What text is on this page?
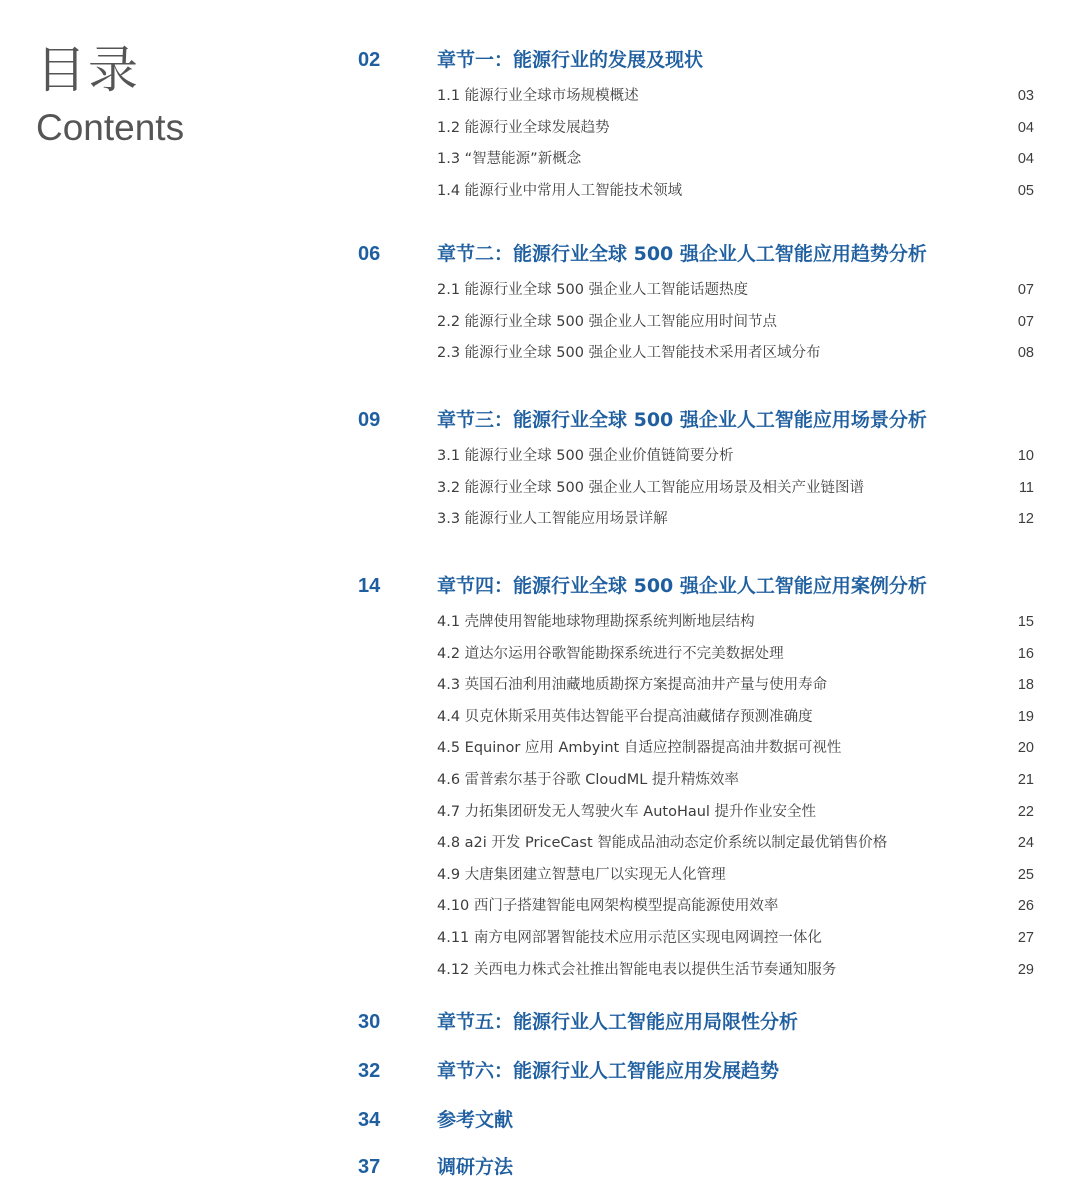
目录
Contents
02	章节一：能源行业的发展及现状
1.1 能源行业全球市场规模概述	03
1.2 能源行业全球发展趋势	04
1.3 “智慧能源”新概念	04
1.4 能源行业中常用人工智能技术领域	05
06	章节二：能源行业全球 500 强企业人工智能应用趋势分析
2.1 能源行业全球 500 强企业人工智能话题热度	07
2.2 能源行业全球 500 强企业人工智能应用时间节点	07
2.3 能源行业全球 500 强企业人工智能技术采用者区域分布	08
09	章节三：能源行业全球 500 强企业人工智能应用场景分析
3.1 能源行业全球 500 强企业价值链简要分析	10
3.2 能源行业全球 500 强企业人工智能应用场景及相关产业链图谱	11
3.3 能源行业人工智能应用场景详解	12
14	章节四：能源行业全球 500 强企业人工智能应用案例分析
4.1 壳牌使用智能地球物理勘探系统判断地层结构	15
4.2 道达尔运用谷歌智能勘探系统进行不完美数据处理	16
4.3 英国石油利用油藏地质勘探方案提高油井产量与使用寿命	18
4.4 贝克休斯采用英伟达智能平台提高油藏储存预测准确度	19
4.5 Equinor 应用 Ambyint 自适应控制器提高油井数据可视性	20
4.6 雷普索尔基于谷歌 CloudML 提升精炼效率	21
4.7 力拓集团研发无人驾驶火车 AutoHaul 提升作业安全性	22
4.8 a2i 开发 PriceCast 智能成品油动态定价系统以制定最优销售价格	24
4.9 大唐集团建立智慧电厂以实现无人化管理	25
4.10 西门子搭建智能电网架构模型提高能源使用效率	26
4.11 南方电网部署智能技术应用示范区实现电网调控一体化	27
4.12 关西电力株式会社推出智能电表以提供生活节奏通知服务	29
30	章节五：能源行业人工智能应用局限性分析
32	章节六：能源行业人工智能应用发展趋势
34	参考文献
37	调研方法
